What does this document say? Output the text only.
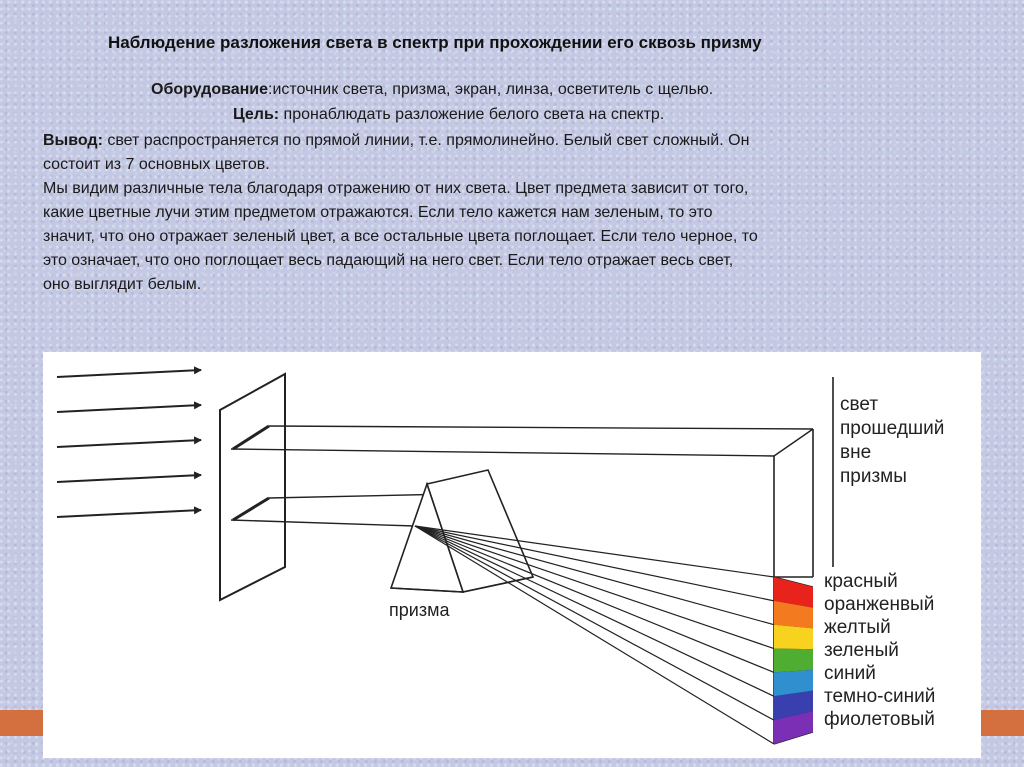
Наблюдение разложения света в спектр при прохождении его сквозь призму
Оборудование:источник света, призма, экран, линза, осветитель с щелью.
Цель: пронаблюдать разложение белого света на спектр.
Вывод: свет распространяется по прямой линии, т.е. прямолинейно. Белый свет сложный. Он
состоит из 7 основных цветов.
Мы видим различные тела благодаря отражению от них света. Цвет предмета зависит от того,
какие цветные лучи этим предметом отражаются. Если тело кажется нам зеленым, то это
значит, что оно отражает зеленый цвет, а все остальные цвета поглощает. Если тело черное, то
это означает, что оно поглощает весь падающий на него свет. Если тело отражает весь свет,
оно выглядит белым.
призма
свет
прошедший
вне
призмы
красный
оранженвый
желтый
зеленый
синий
темно-синий
фиолетовый
